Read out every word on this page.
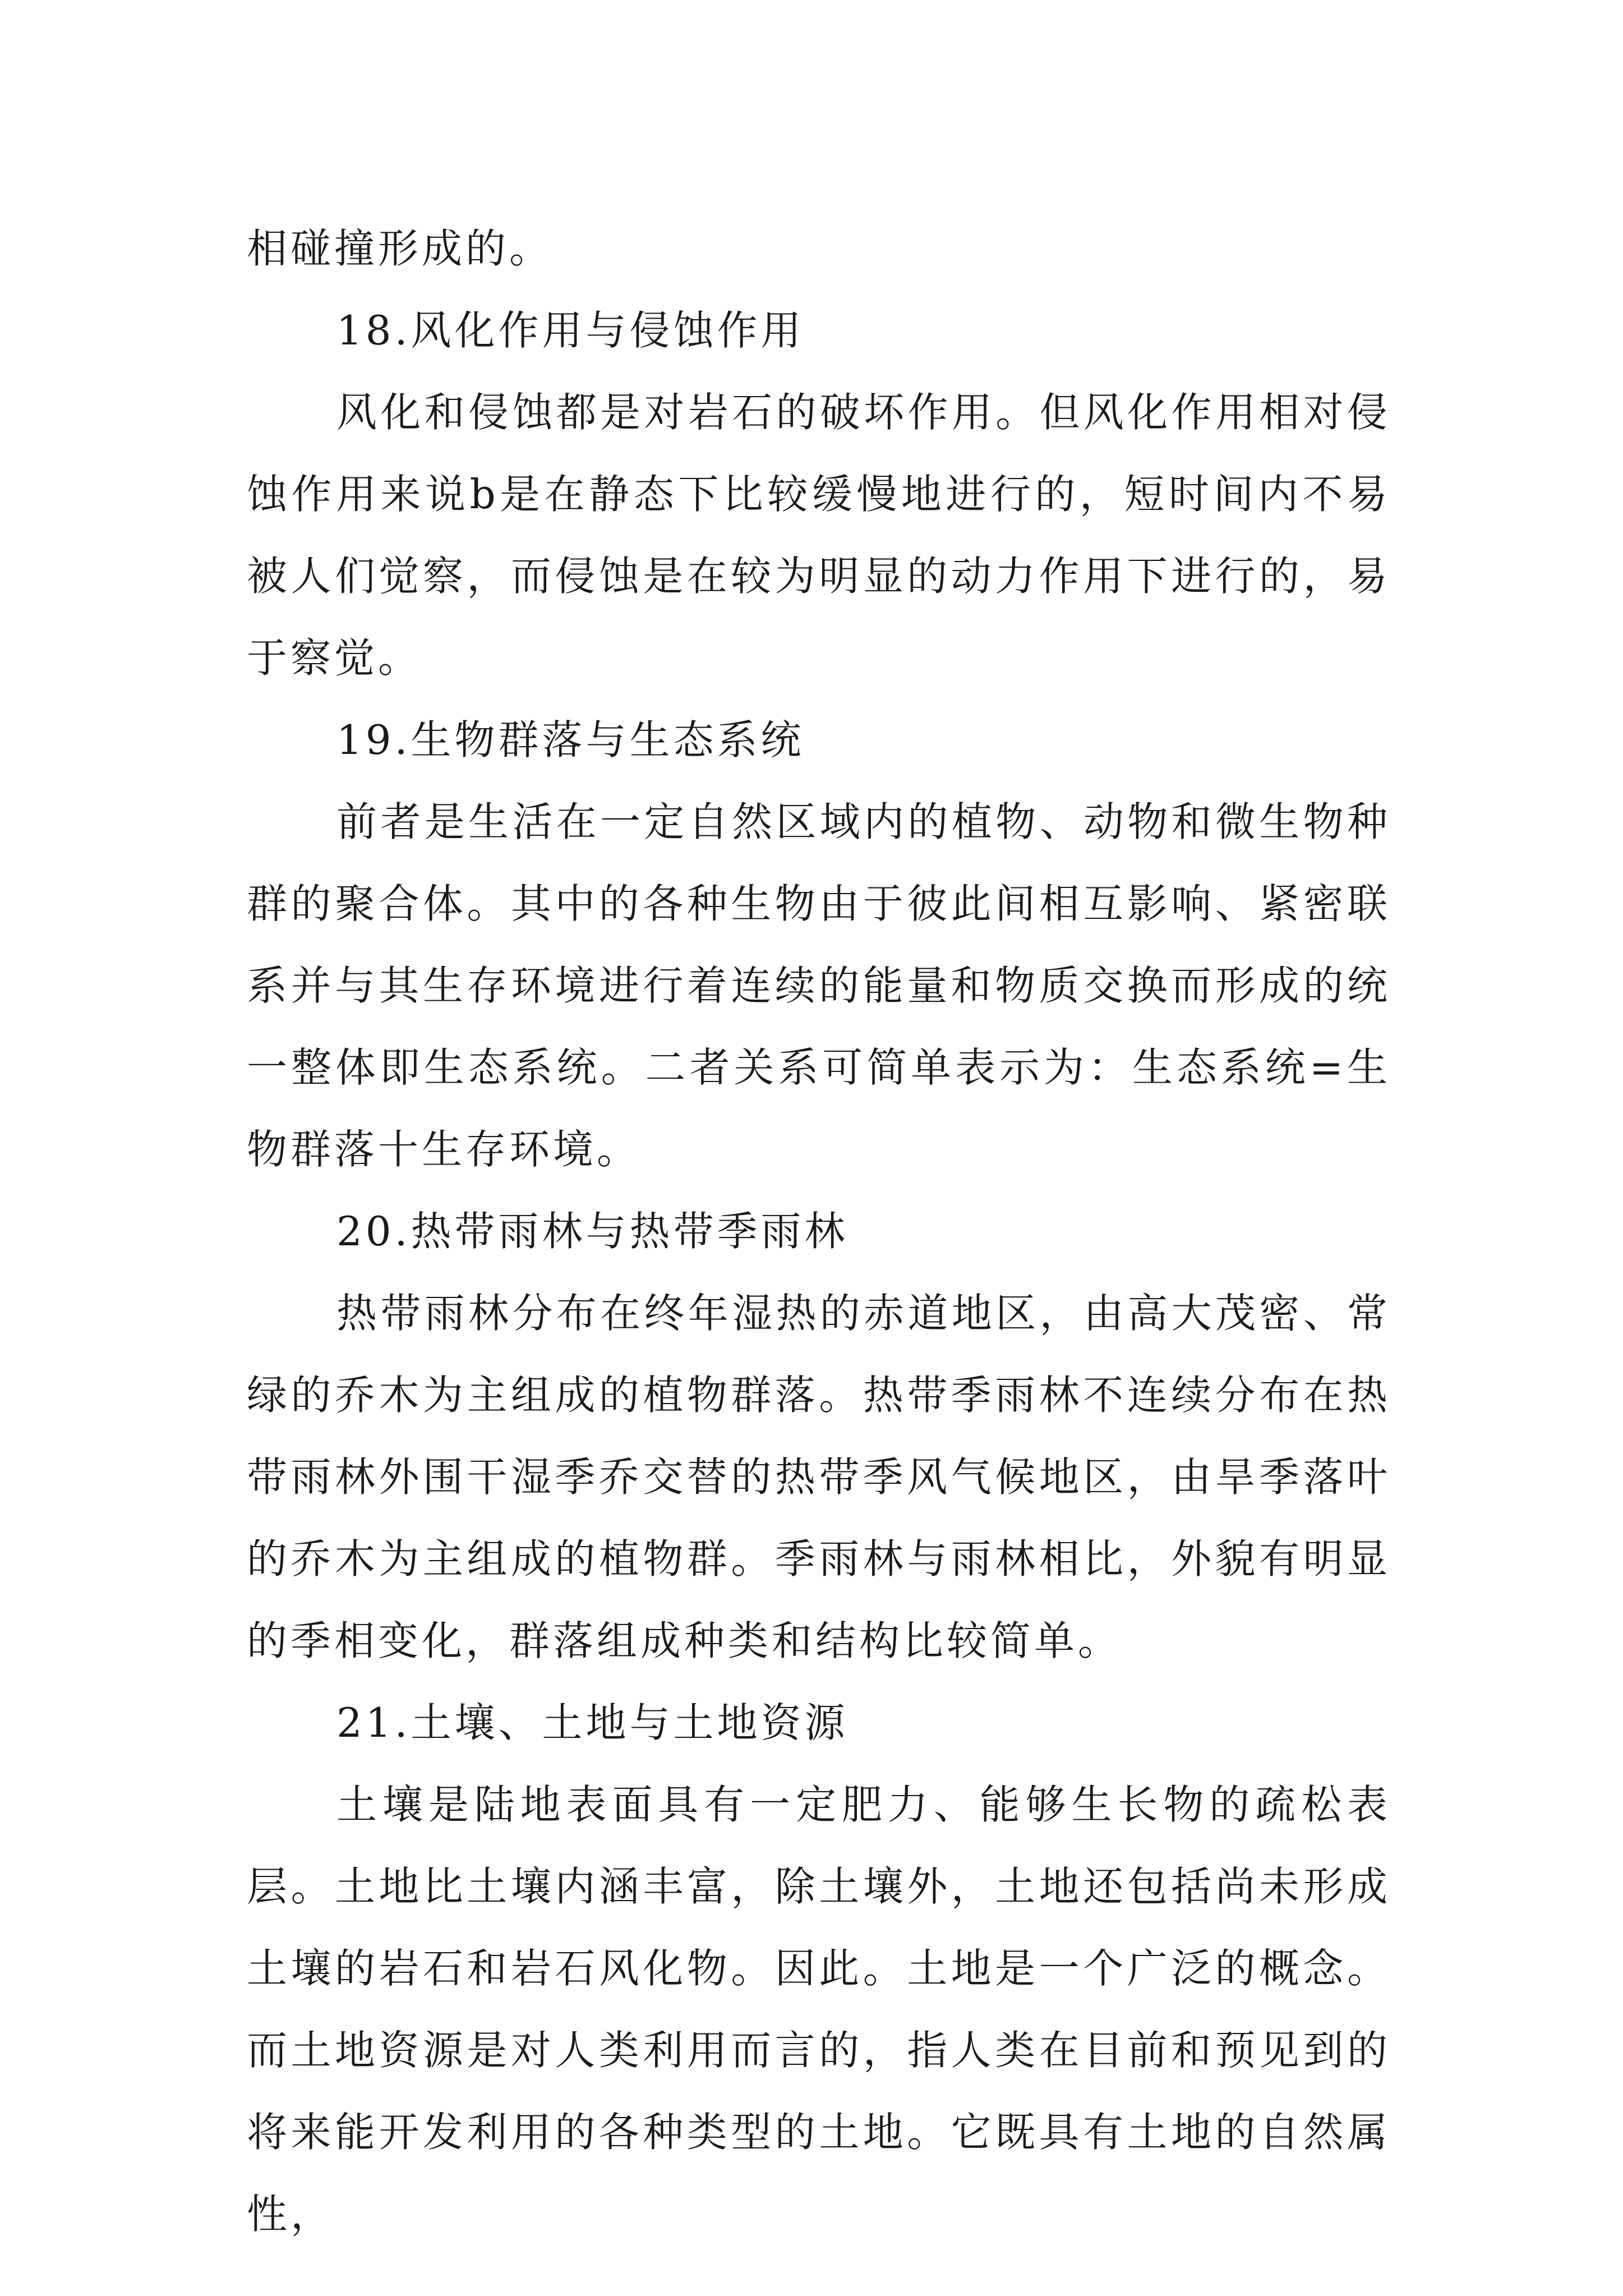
相碰撞形成的。

18.风化作用与侵蚀作用

风化和侵蚀都是对岩石的破坏作用。但风化作用相对侵蚀作用来说b是在静态下比较缓慢地进行的，短时间内不易被人们觉察，而侵蚀是在较为明显的动力作用下进行的，易于察觉。

19.生物群落与生态系统

前者是生活在一定自然区域内的植物、动物和微生物种群的聚合体。其中的各种生物由于彼此间相互影响、紧密联系并与其生存环境进行着连续的能量和物质交换而形成的统一整体即生态系统。二者关系可简单表示为：生态系统=生物群落十生存环境。

20.热带雨林与热带季雨林

热带雨林分布在终年湿热的赤道地区，由高大茂密、常绿的乔木为主组成的植物群落。热带季雨林不连续分布在热带雨林外围干湿季乔交替的热带季风气候地区，由旱季落叶的乔木为主组成的植物群。季雨林与雨林相比，外貌有明显的季相变化，群落组成种类和结构比较简单。

21.土壤、土地与土地资源

土壤是陆地表面具有一定肥力、能够生长物的疏松表层。土地比土壤内涵丰富，除土壤外，土地还包括尚未形成土壤的岩石和岩石风化物。因此。土地是一个广泛的概念。而土地资源是对人类利用而言的，指人类在目前和预见到的将来能开发利用的各种类型的土地。它既具有土地的自然属性，
